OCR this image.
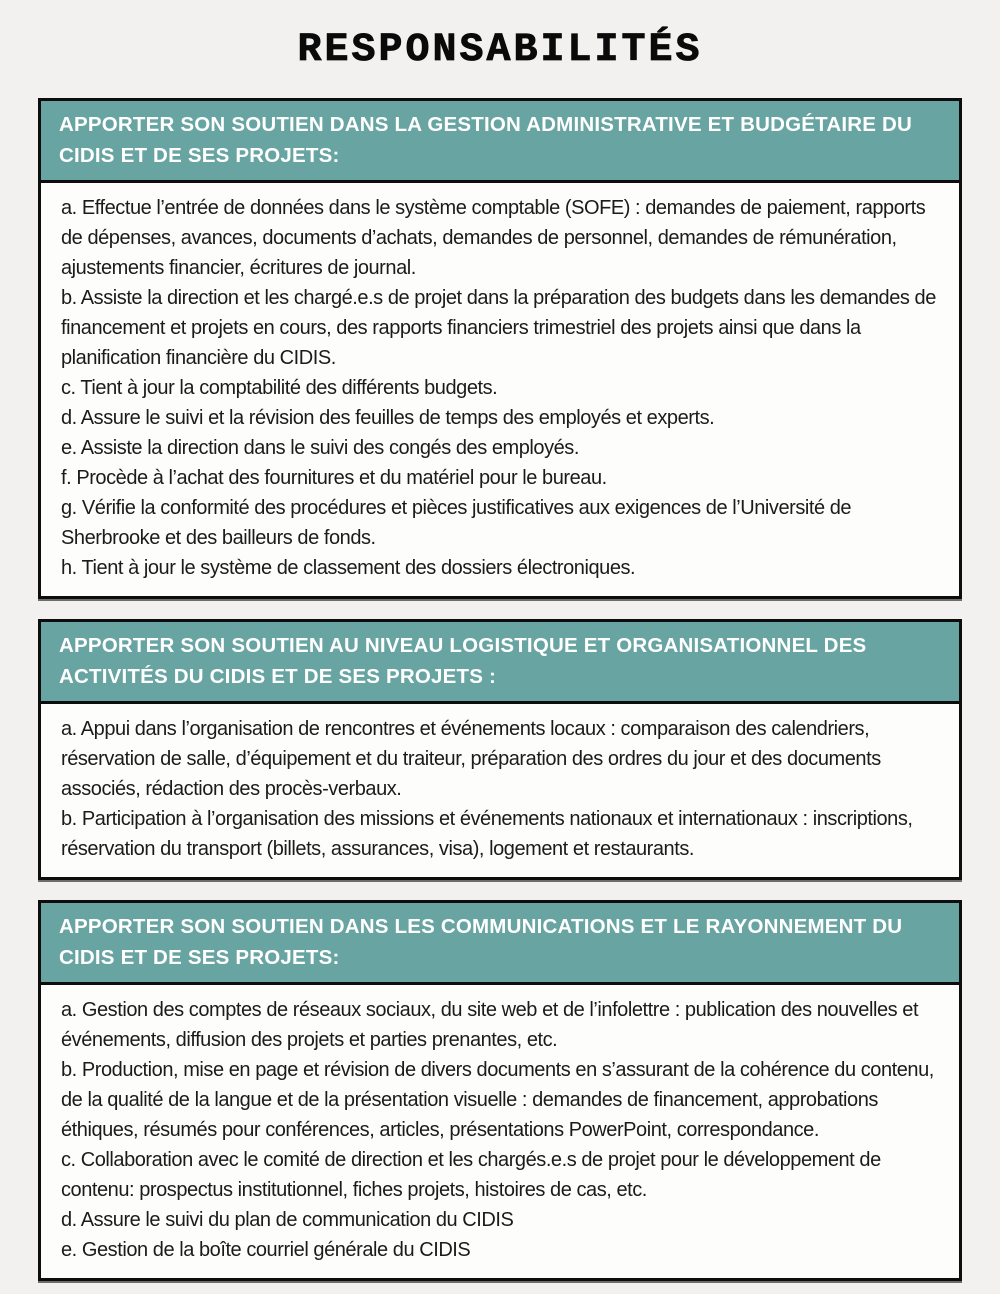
RESPONSABILITÉS
APPORTER SON SOUTIEN DANS LA GESTION ADMINISTRATIVE ET BUDGÉTAIRE DU CIDIS ET DE SES PROJETS:

a. Effectue l’entrée de données dans le système comptable (SOFE) : demandes de paiement, rapports de dépenses, avances, documents d’achats, demandes de personnel, demandes de rémunération, ajustements financier, écritures de journal.

b. Assiste la direction et les chargé.e.s de projet dans la préparation des budgets dans les demandes de financement et projets en cours, des rapports financiers trimestriel des projets ainsi que dans la planification financière du CIDIS.

c. Tient à jour la comptabilité des différents budgets.

d. Assure le suivi et la révision des feuilles de temps des employés et experts.

e. Assiste la direction dans le suivi des congés des employés.

f. Procède à l’achat des fournitures et du matériel pour le bureau.

g. Vérifie la conformité des procédures et pièces justificatives aux exigences de l’Université de Sherbrooke et des bailleurs de fonds.

h. Tient à jour le système de classement des dossiers électroniques.

APPORTER SON SOUTIEN AU NIVEAU LOGISTIQUE ET ORGANISATIONNEL DES ACTIVITÉS DU CIDIS ET DE SES PROJETS :

a. Appui dans l’organisation de rencontres et événements locaux : comparaison des calendriers, réservation de salle, d’équipement et du traiteur, préparation des ordres du jour et des documents associés, rédaction des procès-verbaux.

b. Participation à l’organisation des missions et événements nationaux et internationaux : inscriptions, réservation du transport (billets, assurances, visa), logement et restaurants.

APPORTER SON SOUTIEN DANS LES COMMUNICATIONS ET LE RAYONNEMENT DU CIDIS ET DE SES PROJETS:

a. Gestion des comptes de réseaux sociaux, du site web et de l’infolettre : publication des nouvelles et événements, diffusion des projets et parties prenantes, etc.

b. Production, mise en page et révision de divers documents en s’assurant de la cohérence du contenu, de la qualité de la langue et de la présentation visuelle : demandes de financement, approbations éthiques, résumés pour conférences, articles, présentations PowerPoint, correspondance.

c. Collaboration avec le comité de direction et les chargés.e.s de projet pour le développement de contenu: prospectus institutionnel, fiches projets, histoires de cas, etc.

d. Assure le suivi du plan de communication du CIDIS

e. Gestion de la boîte courriel générale du CIDIS
